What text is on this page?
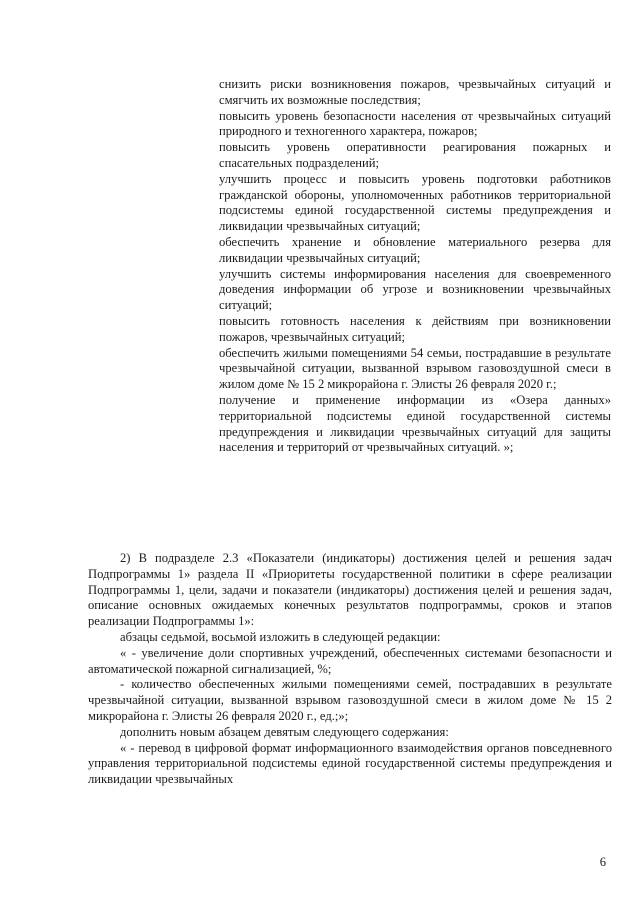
снизить риски возникновения пожаров, чрезвычайных ситуаций и смягчить их возможные последствия;

повысить уровень безопасности населения от чрезвычайных ситуаций природного и техногенного характера, пожаров;

повысить уровень оперативности реагирования пожарных и спасательных подразделений;

улучшить процесс и повысить уровень подготовки работников гражданской обороны, уполномоченных работников территориальной подсистемы единой государственной системы предупреждения и ликвидации чрезвычайных ситуаций;

обеспечить хранение и обновление материального резерва для ликвидации чрезвычайных ситуаций;

улучшить системы информирования населения для своевременного доведения информации об угрозе и возникновении чрезвычайных ситуаций;

повысить готовность населения к действиям при возникновении пожаров, чрезвычайных ситуаций;

обеспечить жилыми помещениями 54 семьи, пострадавшие в результате чрезвычайной ситуации, вызванной взрывом газовоздушной смеси в жилом доме № 15 2 микрорайона г. Элисты 26 февраля 2020 г.;

получение и применение информации из «Озера данных» территориальной подсистемы единой государственной системы предупреждения и ликвидации чрезвычайных ситуаций для защиты населения и территорий от чрезвычайных ситуаций. »;

2) В подразделе 2.3 «Показатели (индикаторы) достижения целей и решения задач Подпрограммы 1» раздела II «Приоритеты государственной политики в сфере реализации Подпрограммы 1, цели, задачи и показатели (индикаторы) достижения целей и решения задач, описание основных ожидаемых конечных результатов подпрограммы, сроков и этапов реализации Подпрограммы 1»:

абзацы седьмой, восьмой изложить в следующей редакции:

« - увеличение доли спортивных учреждений, обеспеченных системами безопасности и автоматической пожарной сигнализацией, %;

- количество обеспеченных жилыми помещениями семей, пострадавших в результате чрезвычайной ситуации, вызванной взрывом газовоздушной смеси в жилом доме № 15 2 микрорайона г. Элисты 26 февраля 2020 г., ед.;»;

дополнить новым абзацем девятым следующего содержания:

« - перевод в цифровой формат информационного взаимодействия органов повседневного управления территориальной подсистемы единой государственной системы предупреждения и ликвидации чрезвычайных

6
